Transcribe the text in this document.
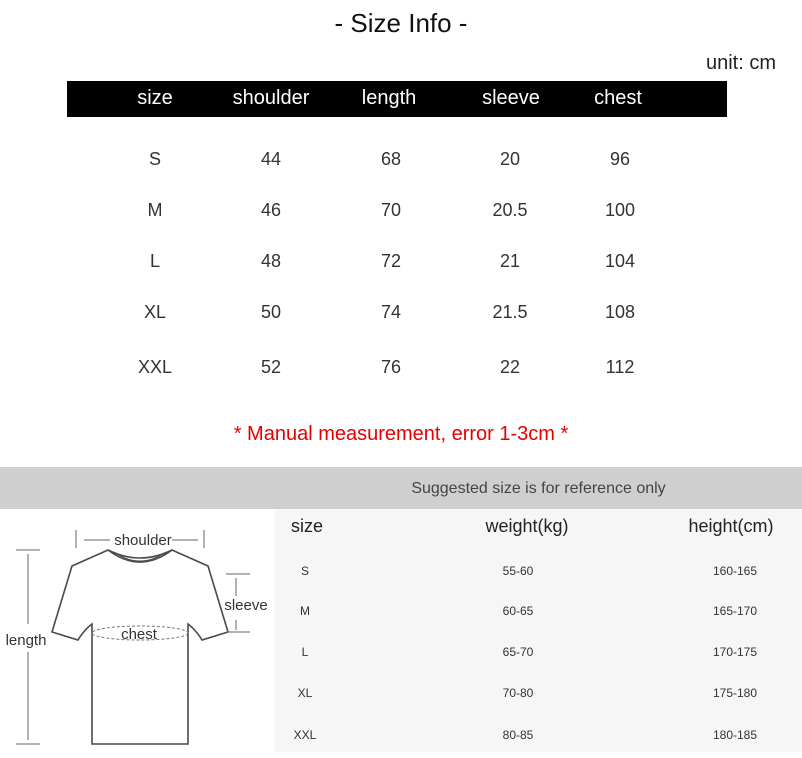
- Size Info -
unit: cm
size	shoulder	length	sleeve	chest
S	44	68	20	96
M	46	70	20.5	100
L	48	72	21	104
XL	50	74	21.5	108
XXL	52	76	22	112
* Manual measurement, error 1-3cm *
Suggested size is for reference only
size	weight(kg)	height(cm)
S	55-60	160-165
M	60-65	165-170
L	65-70	170-175
XL	70-80	175-180
XXL	80-85	180-185
shoulder
sleeve
chest
length
